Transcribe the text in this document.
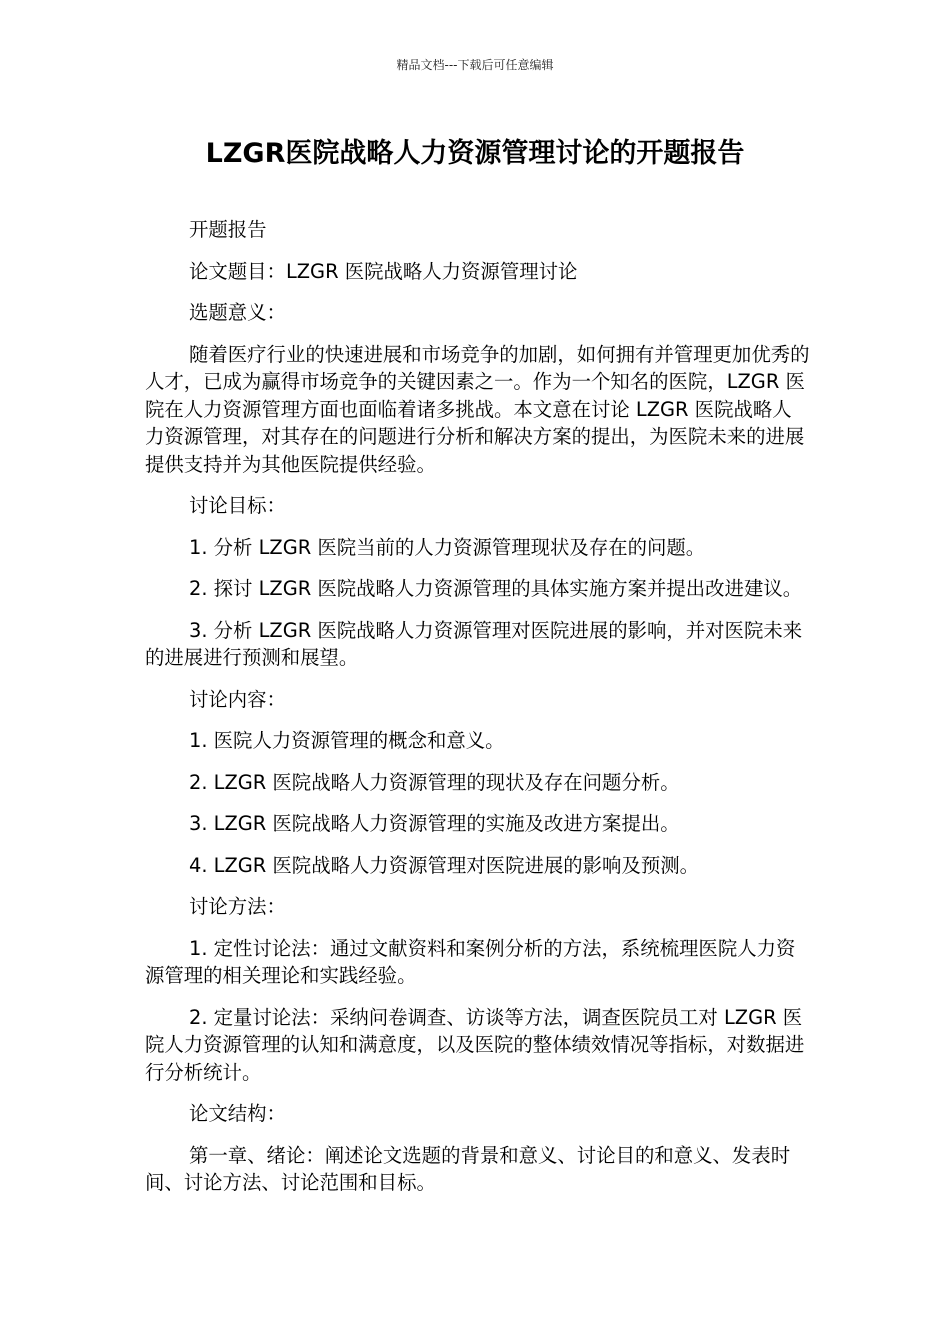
精品文档---下载后可任意编辑
LZGR医院战略人力资源管理讨论的开题报告

开题报告

论文题目：LZGR 医院战略人力资源管理讨论

选题意义：

随着医疗行业的快速进展和市场竞争的加剧，如何拥有并管理更加优秀的人才，已成为赢得市场竞争的关键因素之一。作为一个知名的医院，LZGR 医院在人力资源管理方面也面临着诸多挑战。本文意在讨论 LZGR 医院战略人力资源管理，对其存在的问题进行分析和解决方案的提出，为医院未来的进展提供支持并为其他医院提供经验。

讨论目标：

1. 分析 LZGR 医院当前的人力资源管理现状及存在的问题。

2. 探讨 LZGR 医院战略人力资源管理的具体实施方案并提出改进建议。

3. 分析 LZGR 医院战略人力资源管理对医院进展的影响，并对医院未来的进展进行预测和展望。

讨论内容：

1. 医院人力资源管理的概念和意义。

2. LZGR 医院战略人力资源管理的现状及存在问题分析。

3. LZGR 医院战略人力资源管理的实施及改进方案提出。

4. LZGR 医院战略人力资源管理对医院进展的影响及预测。

讨论方法：

1. 定性讨论法：通过文献资料和案例分析的方法，系统梳理医院人力资源管理的相关理论和实践经验。

2. 定量讨论法：采纳问卷调查、访谈等方法，调查医院员工对 LZGR 医院人力资源管理的认知和满意度，以及医院的整体绩效情况等指标，对数据进行分析统计。

论文结构：

第一章、绪论：阐述论文选题的背景和意义、讨论目的和意义、发表时间、讨论方法、讨论范围和目标。
